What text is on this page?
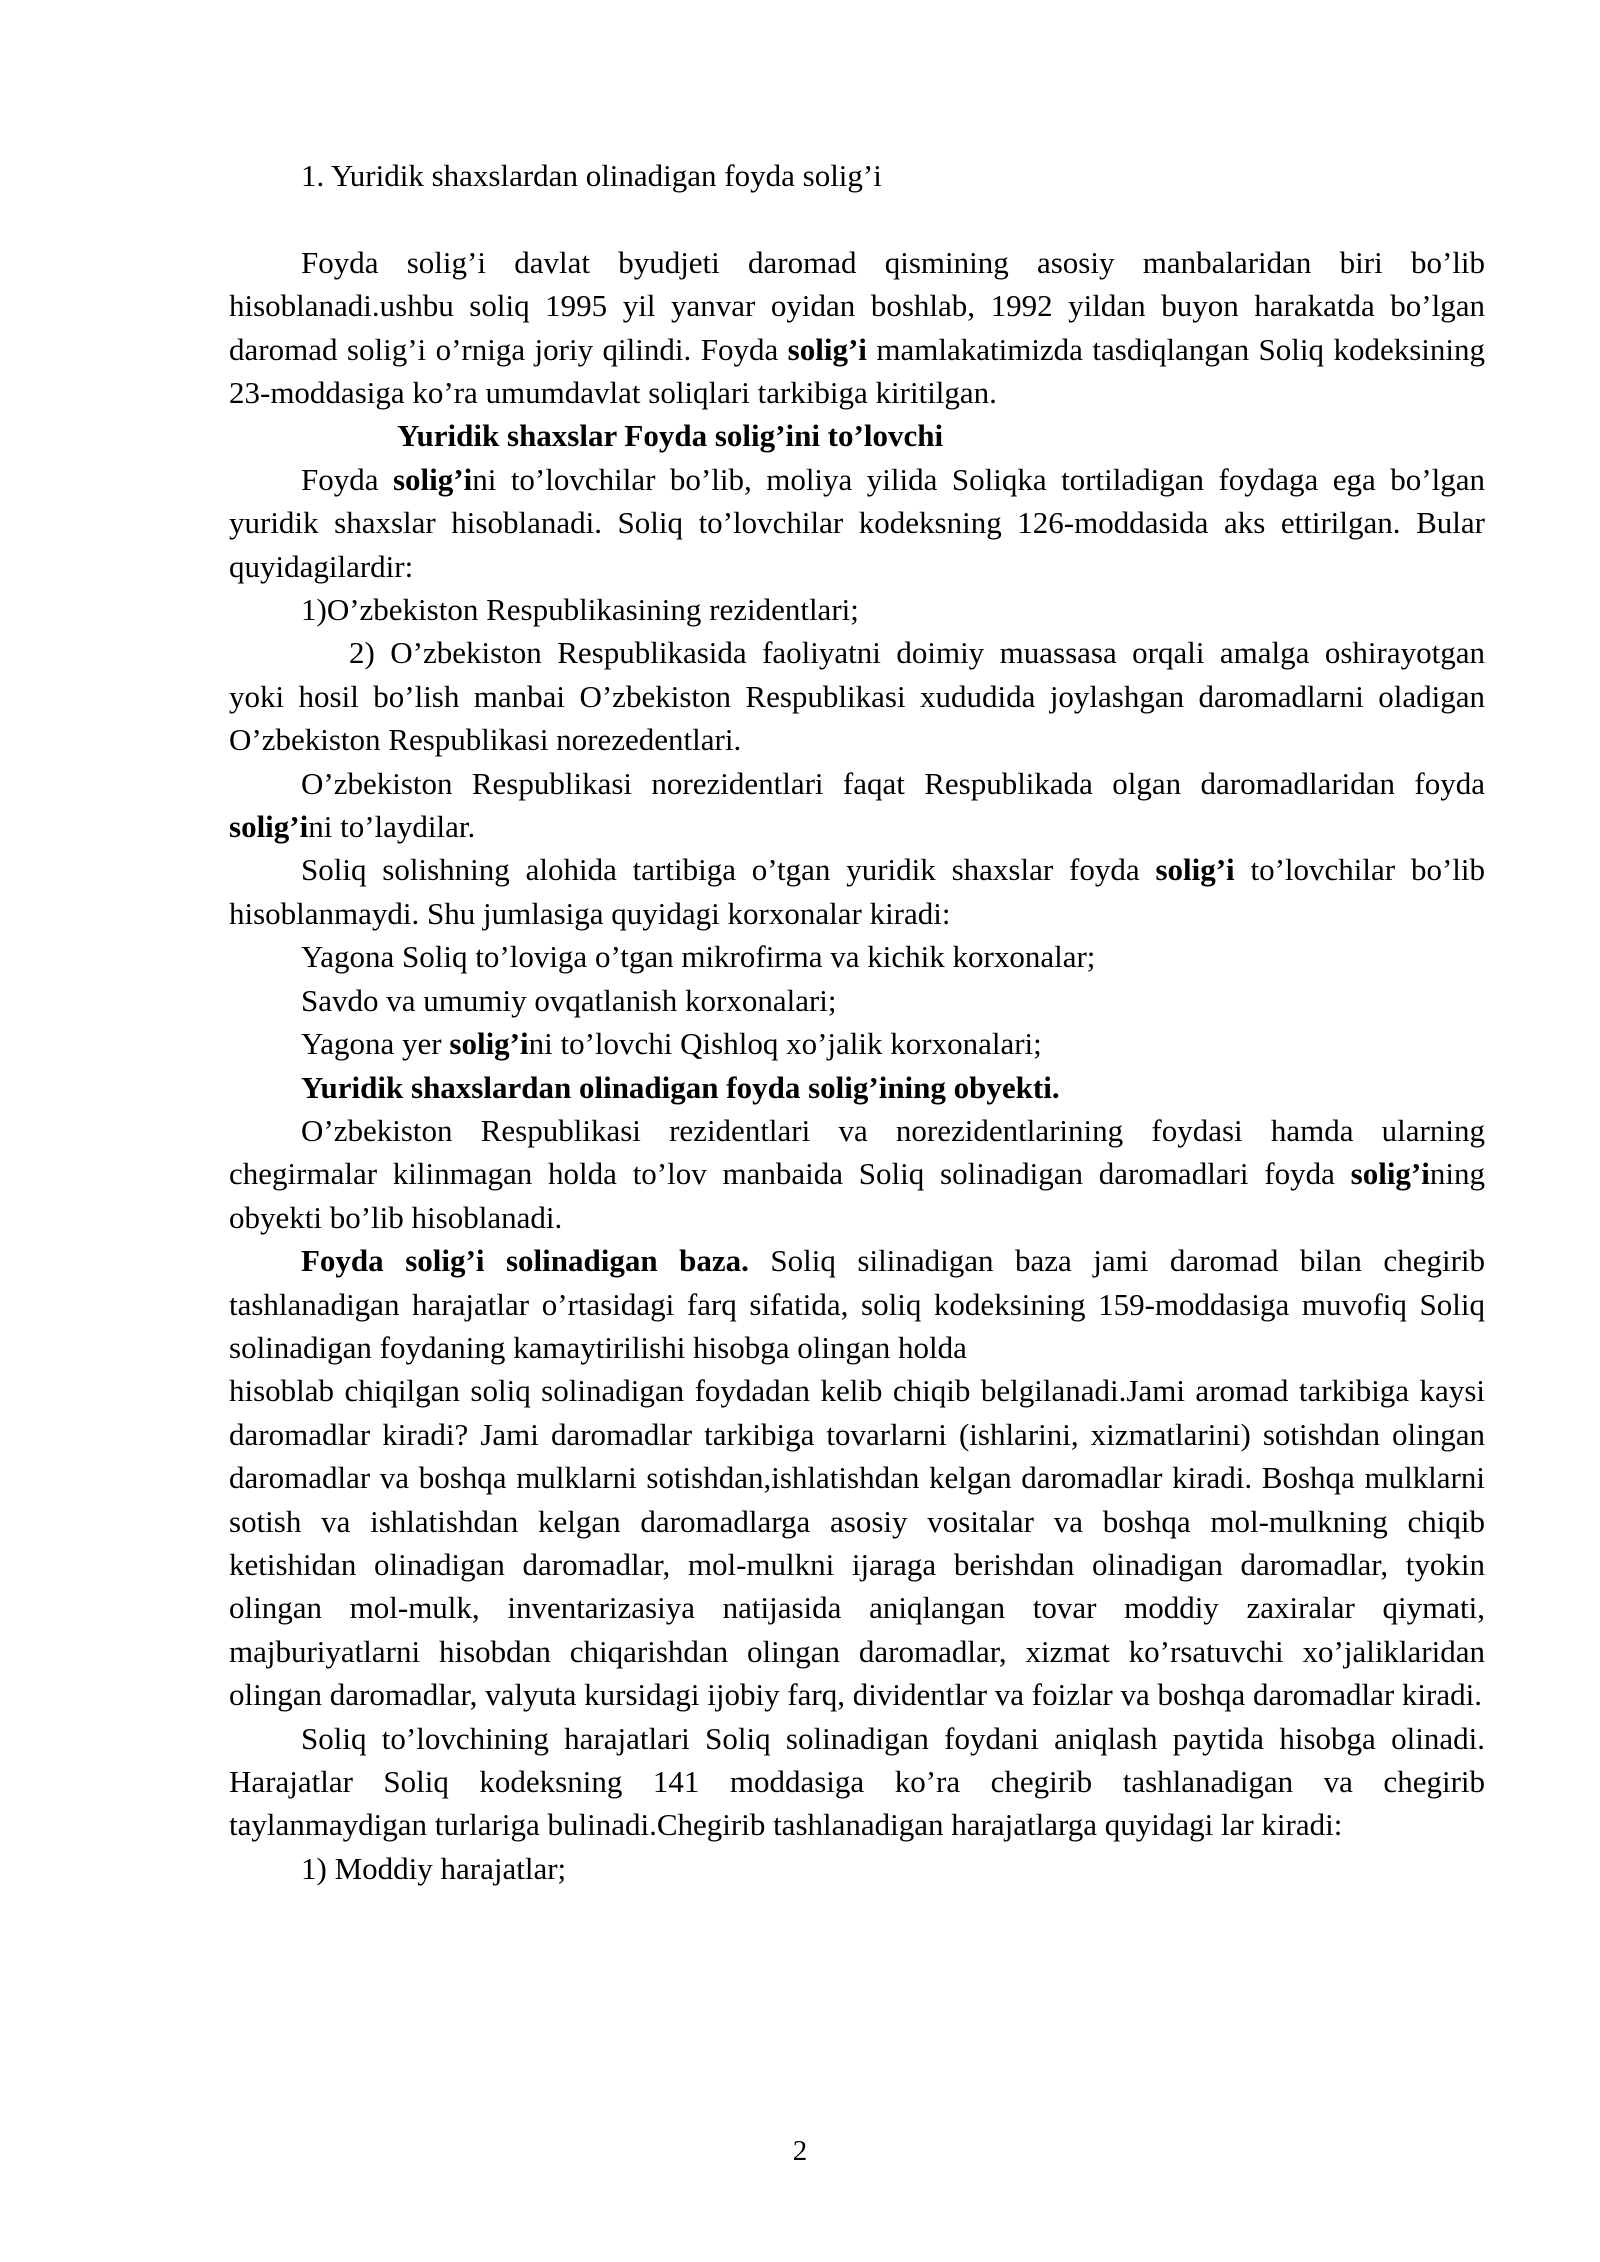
1. Yuridik shaxslardan olinadigan foyda solig’i

Foyda solig’i davlat byudjeti daromad qismining asosiy manbalaridan biri bo’lib hisoblanadi.ushbu soliq 1995 yil yanvar oyidan boshlab, 1992 yildan buyon harakatda bo’lgan daromad solig’i o’rniga joriy qilindi. Foyda solig’i mamlakatimizda tasdiqlangan Soliq kodeksining 23-moddasiga ko’ra umumdavlat soliqlari tarkibiga kiritilgan.

Yuridik shaxslar Foyda solig’ini to’lovchi

Foyda solig’ini to’lovchilar bo’lib, moliya yilida Soliqka tortiladigan foydaga ega bo’lgan yuridik shaxslar hisoblanadi. Soliq to’lovchilar kodeksning 126-moddasida aks ettirilgan. Bular quyidagilardir:

1)O’zbekiston Respublikasining rezidentlari;

2) O’zbekiston Respublikasida faoliyatni doimiy muassasa orqali amalga oshirayotgan yoki hosil bo’lish manbai O’zbekiston Respublikasi xududida joylashgan daromadlarni oladigan O’zbekiston Respublikasi norezedentlari.

O’zbekiston Respublikasi norezidentlari faqat Respublikada olgan daromadlaridan foyda solig’ini to’laydilar.

Soliq solishning alohida tartibiga o’tgan yuridik shaxslar foyda solig’i to’lovchilar bo’lib hisoblanmaydi. Shu jumlasiga quyidagi korxonalar kiradi:

Yagona Soliq to’loviga o’tgan mikrofirma va kichik korxonalar;

Savdo va umumiy ovqatlanish korxonalari;

Yagona yer solig’ini to’lovchi Qishloq xo’jalik korxonalari;

Yuridik shaxslardan olinadigan foyda solig’ining obyekti.

O’zbekiston Respublikasi rezidentlari va norezidentlarining foydasi hamda ularning chegirmalar kilinmagan holda to’lov manbaida Soliq solinadigan daromadlari foyda solig’ining obyekti bo’lib hisoblanadi.

Foyda solig’i solinadigan baza. Soliq silinadigan baza jami daromad bilan chegirib tashlanadigan harajatlar o’rtasidagi farq sifatida, soliq kodeksining 159-moddasiga muvofiq Soliq solinadigan foydaning kamaytirilishi hisobga olingan holda

hisoblab chiqilgan soliq solinadigan foydadan kelib chiqib belgilanadi.Jami aromad tarkibiga kaysi daromadlar kiradi? Jami daromadlar tarkibiga tovarlarni (ishlarini, xizmatlarini) sotishdan olingan daromadlar va boshqa mulklarni sotishdan,ishlatishdan kelgan daromadlar kiradi. Boshqa mulklarni sotish va ishlatishdan kelgan daromadlarga asosiy vositalar va boshqa mol-mulkning chiqib ketishidan olinadigan daromadlar, mol-mulkni ijaraga berishdan olinadigan daromadlar, tyokin olingan mol-mulk, inventarizasiya natijasida aniqlangan tovar moddiy zaxiralar qiymati, majburiyatlarni hisobdan chiqarishdan olingan daromadlar, xizmat ko’rsatuvchi xo’jaliklaridan olingan daromadlar, valyuta kursidagi ijobiy farq, dividentlar va foizlar va boshqa daromadlar kiradi.

Soliq to’lovchining harajatlari Soliq solinadigan foydani aniqlash paytida hisobga olinadi. Harajatlar Soliq kodeksning 141 moddasiga ko’ra chegirib tashlanadigan va chegirib taylanmaydigan turlariga bulinadi.Chegirib tashlanadigan harajatlarga quyidagi lar kiradi:

1) Moddiy harajatlar;

2
